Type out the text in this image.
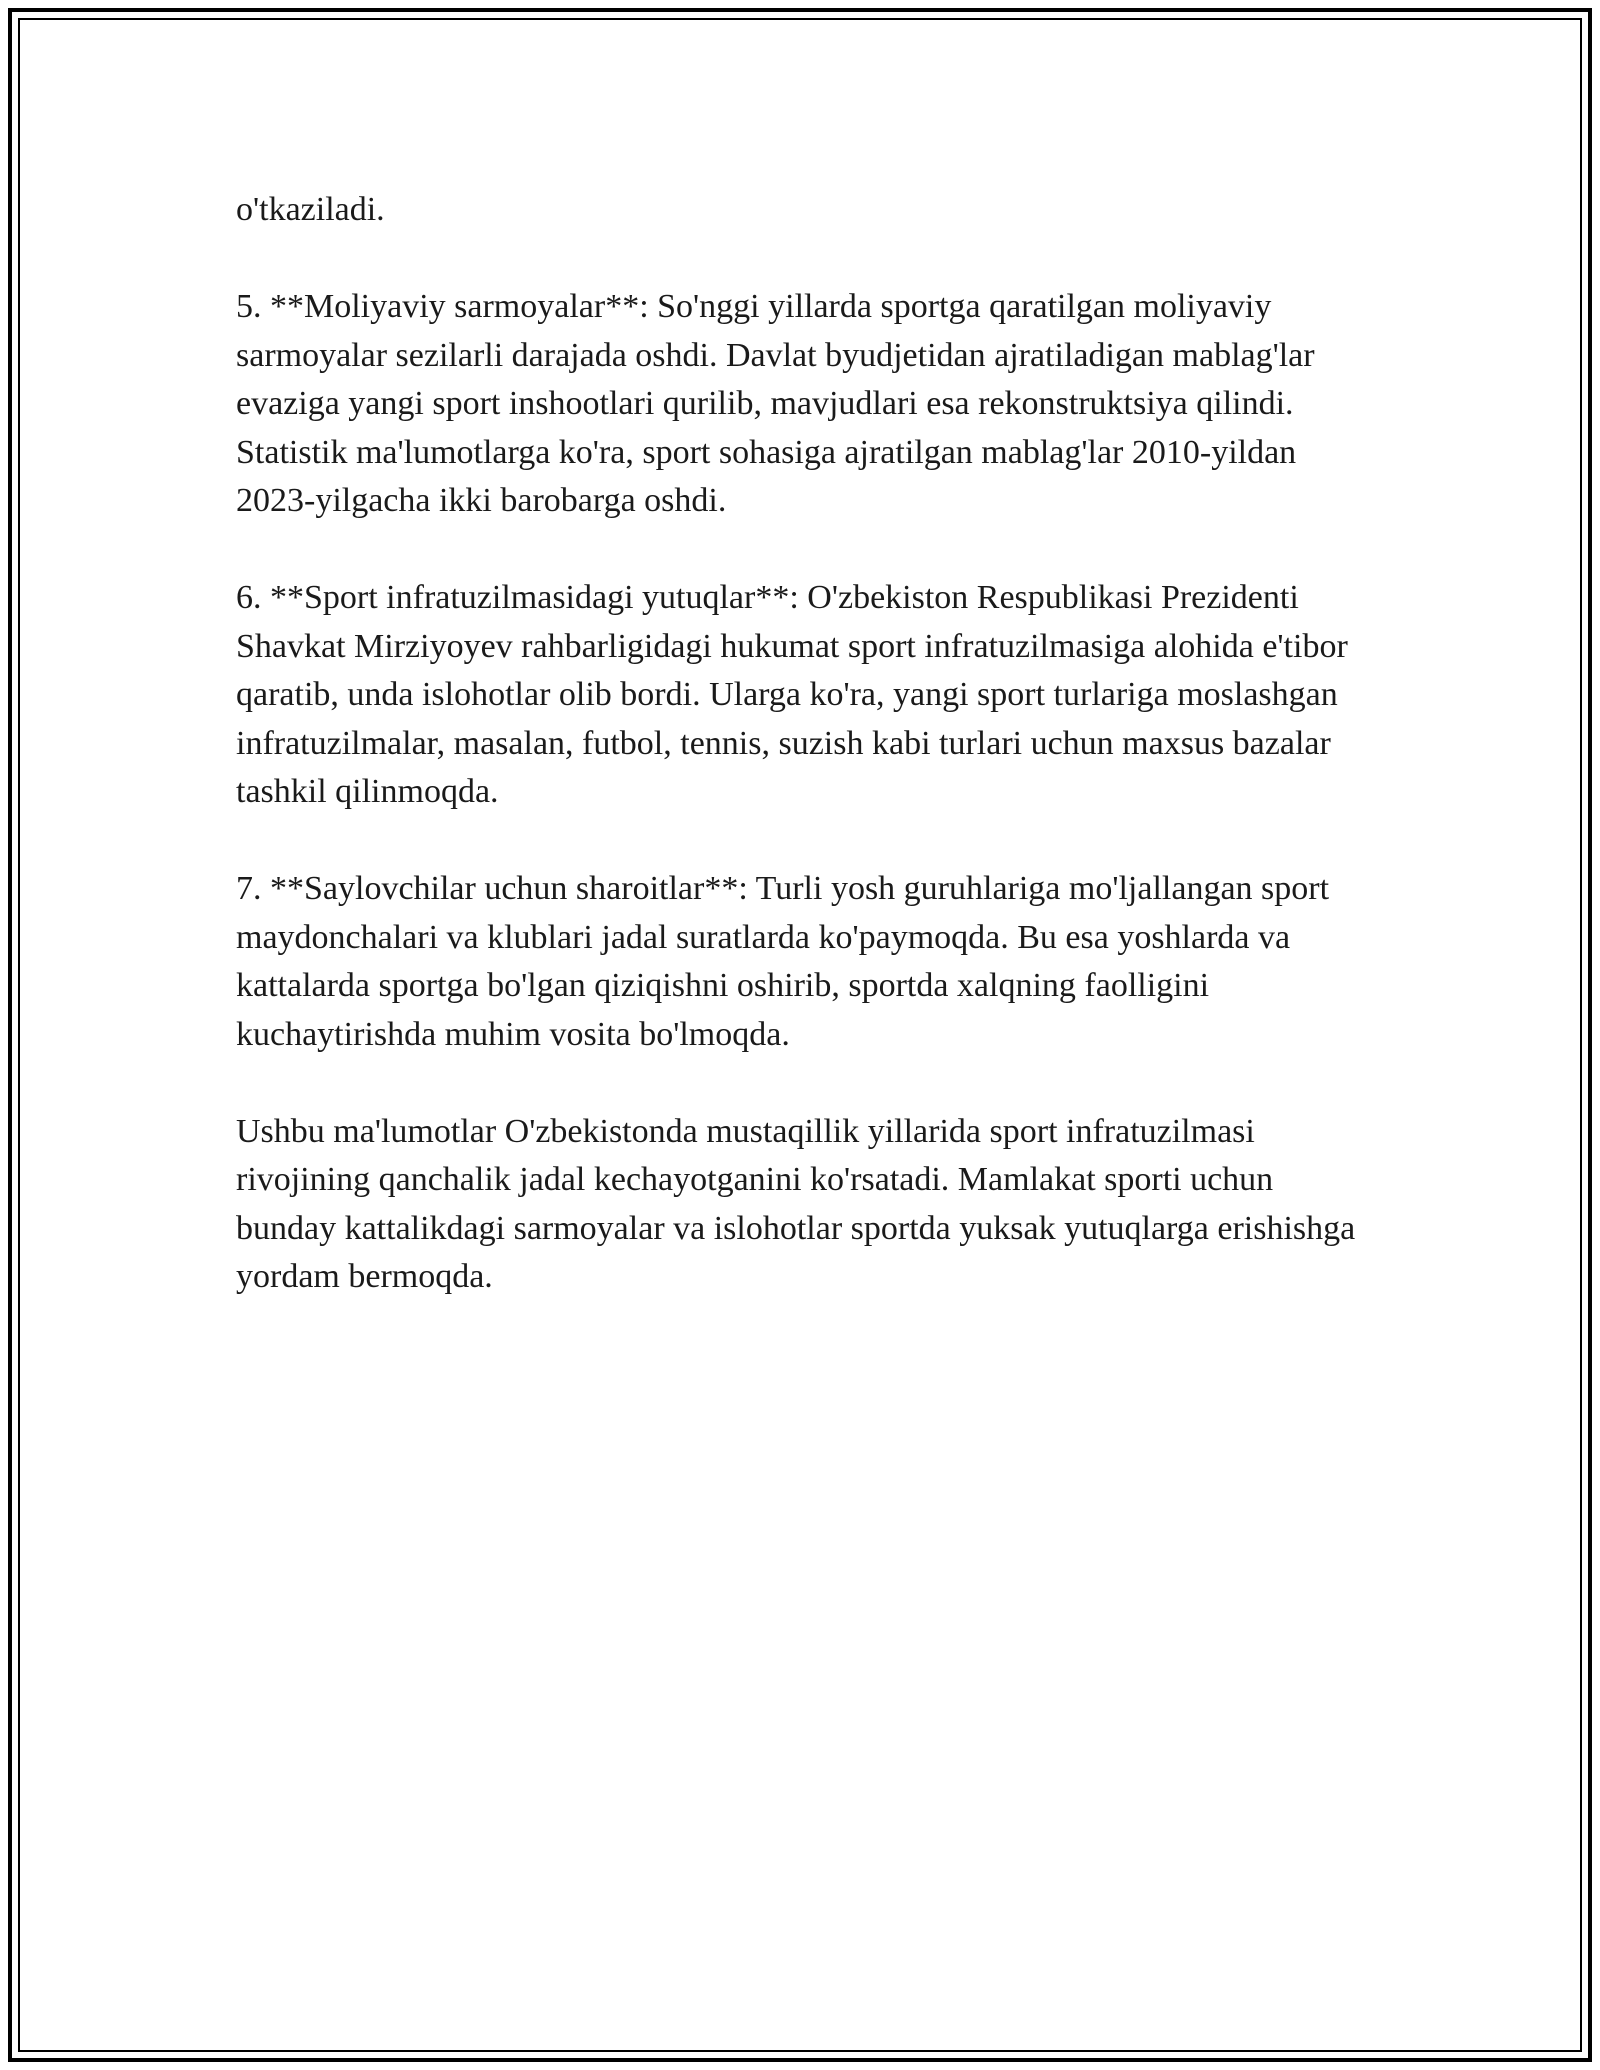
o'tkaziladi.

5. **Moliyaviy sarmoyalar**: So'nggi yillarda sportga qaratilgan moliyaviy sarmoyalar sezilarli darajada oshdi. Davlat byudjetidan ajratiladigan mablag'lar evaziga yangi sport inshootlari qurilib, mavjudlari esa rekonstruktsiya qilindi. Statistik ma'lumotlarga ko'ra, sport sohasiga ajratilgan mablag'lar 2010-yildan 2023-yilgacha ikki barobarga oshdi.

6. **Sport infratuzilmasidagi yutuqlar**: O'zbekiston Respublikasi Prezidenti Shavkat Mirziyoyev rahbarligidagi hukumat sport infratuzilmasiga alohida e'tibor qaratib, unda islohotlar olib bordi. Ularga ko'ra, yangi sport turlariga moslashgan infratuzilmalar, masalan, futbol, tennis, suzish kabi turlari uchun maxsus bazalar tashkil qilinmoqda.

7. **Saylovchilar uchun sharoitlar**: Turli yosh guruhlariga mo'ljallangan sport maydonchalari va klublari jadal suratlarda ko'paymoqda. Bu esa yoshlarda va kattalarda sportga bo'lgan qiziqishni oshirib, sportda xalqning faolligini kuchaytirishda muhim vosita bo'lmoqda.

Ushbu ma'lumotlar O'zbekistonda mustaqillik yillarida sport infratuzilmasi rivojining qanchalik jadal kechayotganini ko'rsatadi. Mamlakat sporti uchun bunday kattalikdagi sarmoyalar va islohotlar sportda yuksak yutuqlarga erishishga yordam bermoqda.
